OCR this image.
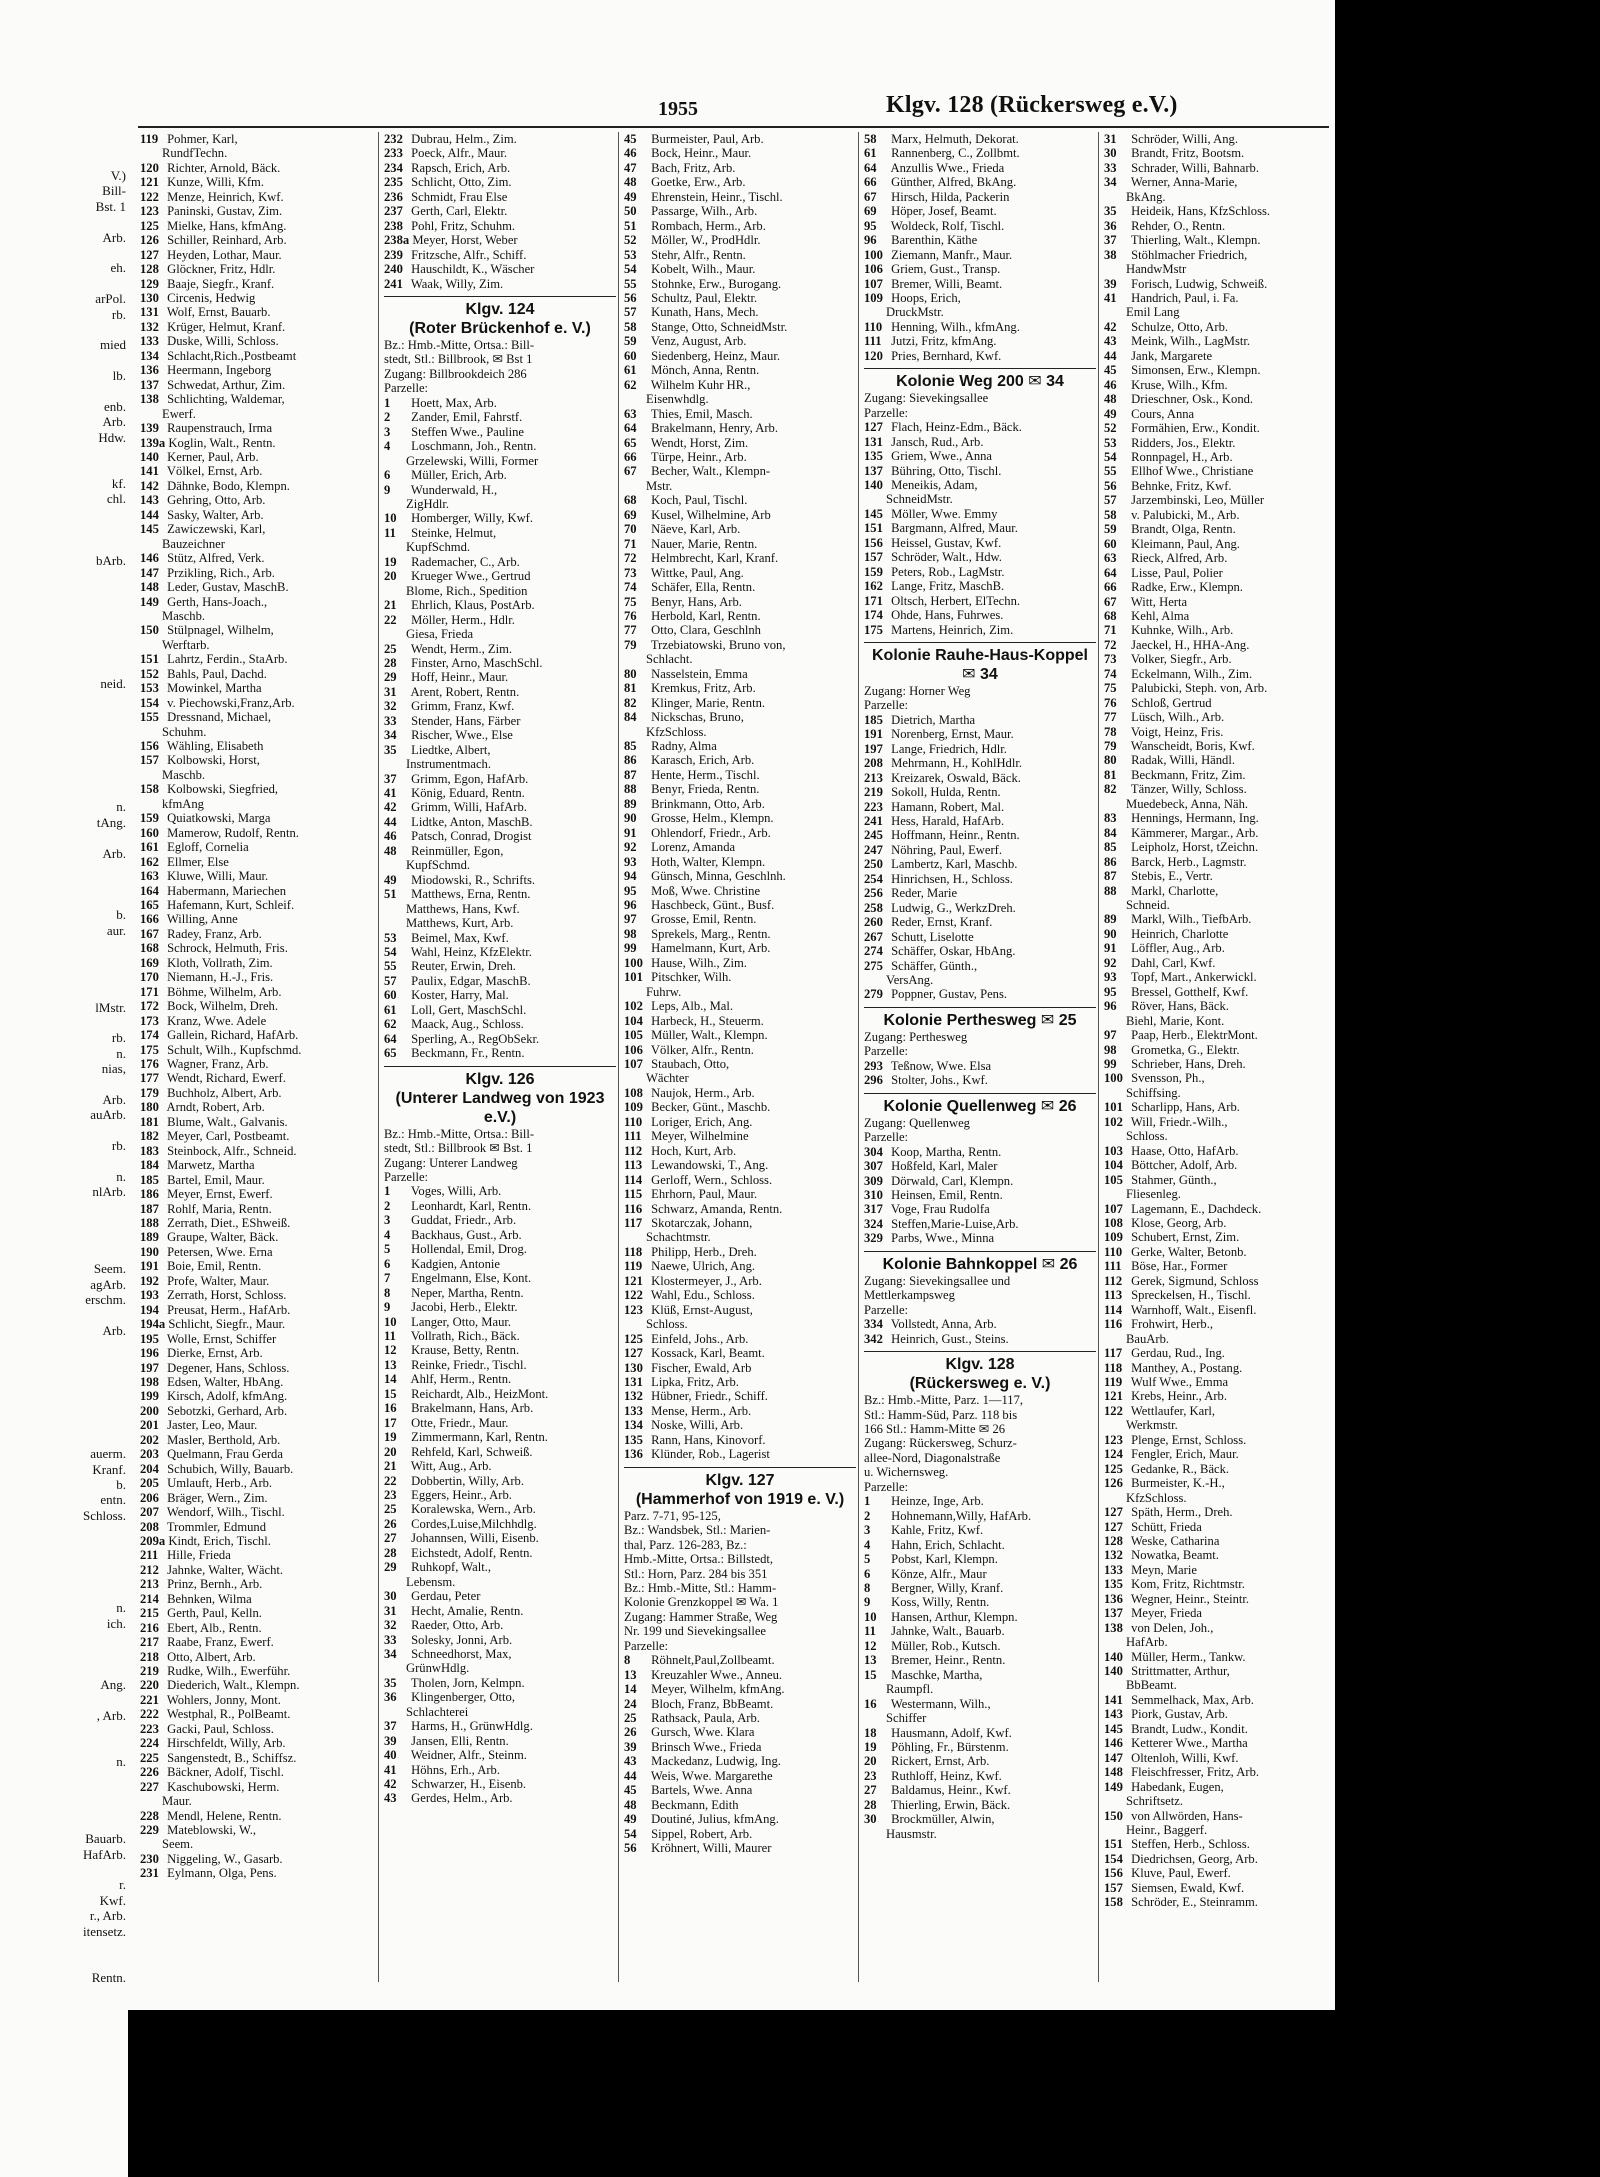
V.)
Bill-
Bst. 1
Arb.
eh.
arPol.
rb.
mied
lb.
enb.
Arb.
Hdw.
kf.
chl.
bArb.
neid.
n.
tAng.
Arb.
b.
aur.
lMstr.
rb.
n.
nias,
Arb.
auArb.
rb.
n.
nlArb.
Seem.
agArb.
erschm.
Arb.
auerm.
Kranf.
b.
entn.
Schloss.
n.
ich.
Ang.
, Arb.
n.
Bauarb.
HafArb.
r.
Kwf.
r., Arb.
itensetz.
Rentn.
1955	Klgv. 128 (Rückersweg e.V.)
119 Pohmer, Karl,
RundfTechn.
120 Richter, Arnold, Bäck.
121 Kunze, Willi, Kfm.
122 Menze, Heinrich, Kwf.
123 Paninski, Gustav, Zim.
125 Mielke, Hans, kfmAng.
126 Schiller, Reinhard, Arb.
127 Heyden, Lothar, Maur.
128 Glöckner, Fritz, Hdlr.
129 Baaje, Siegfr., Kranf.
130 Circenis, Hedwig
131 Wolf, Ernst, Bauarb.
132 Krüger, Helmut, Kranf.
133 Duske, Willi, Schloss.
134 Schlacht,Rich.,Postbeamt
136 Heermann, Ingeborg
137 Schwedat, Arthur, Zim.
138 Schlichting, Waldemar,
Ewerf.
139 Raupenstrauch, Irma
139a Koglin, Walt., Rentn.
140 Kerner, Paul, Arb.
141 Völkel, Ernst, Arb.
142 Dähnke, Bodo, Klempn.
143 Gehring, Otto, Arb.
144 Sasky, Walter, Arb.
145 Zawiczewski, Karl,
Bauzeichner
146 Stütz, Alfred, Verk.
147 Przikling, Rich., Arb.
148 Leder, Gustav, MaschB.
149 Gerth, Hans-Joach.,
Maschb.
150 Stülpnagel, Wilhelm,
Werftarb.
151 Lahrtz, Ferdin., StaArb.
152 Bahls, Paul, Dachd.
153 Mowinkel, Martha
154 v. Piechowski,Franz,Arb.
155 Dressnand, Michael,
Schuhm.
156 Wähling, Elisabeth
157 Kolbowski, Horst,
Maschb.
158 Kolbowski, Siegfried,
kfmAng
159 Quiatkowski, Marga
160 Mamerow, Rudolf, Rentn.
161 Egloff, Cornelia
162 Ellmer, Else
163 Kluwe, Willi, Maur.
164 Habermann, Mariechen
165 Hafemann, Kurt, Schleif.
166 Willing, Anne
167 Radey, Franz, Arb.
168 Schrock, Helmuth, Fris.
169 Kloth, Vollrath, Zim.
170 Niemann, H.-J., Fris.
171 Böhme, Wilhelm, Arb.
172 Bock, Wilhelm, Dreh.
173 Kranz, Wwe. Adele
174 Gallein, Richard, HafArb.
175 Schult, Wilh., Kupfschmd.
176 Wagner, Franz, Arb.
177 Wendt, Richard, Ewerf.
179 Buchholz, Albert, Arb.
180 Arndt, Robert, Arb.
181 Blume, Walt., Galvanis.
182 Meyer, Carl, Postbeamt.
183 Steinbock, Alfr., Schneid.
184 Marwetz, Martha
185 Bartel, Emil, Maur.
186 Meyer, Ernst, Ewerf.
187 Rohlf, Maria, Rentn.
188 Zerrath, Diet., EShweiß.
189 Graupe, Walter, Bäck.
190 Petersen, Wwe. Erna
191 Boie, Emil, Rentn.
192 Profe, Walter, Maur.
193 Zerrath, Horst, Schloss.
194 Preusat, Herm., HafArb.
194a Schlicht, Siegfr., Maur.
195 Wolle, Ernst, Schiffer
196 Dierke, Ernst, Arb.
197 Degener, Hans, Schloss.
198 Edsen, Walter, HbAng.
199 Kirsch, Adolf, kfmAng.
200 Sebotzki, Gerhard, Arb.
201 Jaster, Leo, Maur.
202 Masler, Berthold, Arb.
203 Quelmann, Frau Gerda
204 Schubich, Willy, Bauarb.
205 Umlauft, Herb., Arb.
206 Bräger, Wern., Zim.
207 Wendorf, Wilh., Tischl.
208 Trommler, Edmund
209a Kindt, Erich, Tischl.
211 Hille, Frieda
212 Jahnke, Walter, Wächt.
213 Prinz, Bernh., Arb.
214 Behnken, Wilma
215 Gerth, Paul, Kelln.
216 Ebert, Alb., Rentn.
217 Raabe, Franz, Ewerf.
218 Otto, Albert, Arb.
219 Rudke, Wilh., Ewerführ.
220 Diederich, Walt., Klempn.
221 Wohlers, Jonny, Mont.
222 Westphal, R., PolBeamt.
223 Gacki, Paul, Schloss.
224 Hirschfeldt, Willy, Arb.
225 Sangenstedt, B., Schiffsz.
226 Bäckner, Adolf, Tischl.
227 Kaschubowski, Herm.
Maur.
228 Mendl, Helene, Rentn.
229 Mateblowski, W.,
Seem.
230 Niggeling, W., Gasarb.
231 Eylmann, Olga, Pens.
232 Dubrau, Helm., Zim.
233 Poeck, Alfr., Maur.
234 Rapsch, Erich, Arb.
235 Schlicht, Otto, Zim.
236 Schmidt, Frau Else
237 Gerth, Carl, Elektr.
238 Pohl, Fritz, Schuhm.
238a Meyer, Horst, Weber
239 Fritzsche, Alfr., Schiff.
240 Hauschildt, K., Wäscher
241 Waak, Willy, Zim.
Klgv. 124
(Roter Brückenhof e. V.)
Bz.: Hmb.-Mitte, Ortsa.: Bill-
stedt, Stl.: Billbrook, ✉ Bst 1
Zugang: Billbrookdeich 286
Parzelle:
1 Hoett, Max, Arb.
2 Zander, Emil, Fahrstf.
3 Steffen Wwe., Pauline
4 Loschmann, Joh., Rentn.
Grzelewski, Willi, Former
6 Müller, Erich, Arb.
9 Wunderwald, H.,
ZigHdlr.
10 Homberger, Willy, Kwf.
11 Steinke, Helmut,
KupfSchmd.
19 Rademacher, C., Arb.
20 Krueger Wwe., Gertrud
Blome, Rich., Spedition
21 Ehrlich, Klaus, PostArb.
22 Möller, Herm., Hdlr.
Giesa, Frieda
25 Wendt, Herm., Zim.
28 Finster, Arno, MaschSchl.
29 Hoff, Heinr., Maur.
31 Arent, Robert, Rentn.
32 Grimm, Franz, Kwf.
33 Stender, Hans, Färber
34 Rischer, Wwe., Else
35 Liedtke, Albert,
Instrumentmach.
37 Grimm, Egon, HafArb.
41 König, Eduard, Rentn.
42 Grimm, Willi, HafArb.
44 Lidtke, Anton, MaschB.
46 Patsch, Conrad, Drogist
48 Reinmüller, Egon,
KupfSchmd.
49 Miodowski, R., Schrifts.
51 Matthews, Erna, Rentn.
Matthews, Hans, Kwf.
Matthews, Kurt, Arb.
53 Beimel, Max, Kwf.
54 Wahl, Heinz, KfzElektr.
55 Reuter, Erwin, Dreh.
57 Paulix, Edgar, MaschB.
60 Koster, Harry, Mal.
61 Loll, Gert, MaschSchl.
62 Maack, Aug., Schloss.
64 Sperling, A., RegObSekr.
65 Beckmann, Fr., Rentn.
Klgv. 126
(Unterer Landweg von 1923 e.V.)
Bz.: Hmb.-Mitte, Ortsa.: Bill-
stedt, Stl.: Billbrook ✉ Bst. 1
Zugang: Unterer Landweg
Parzelle:
1 Voges, Willi, Arb.
2 Leonhardt, Karl, Rentn.
3 Guddat, Friedr., Arb.
4 Backhaus, Gust., Arb.
5 Hollendal, Emil, Drog.
6 Kadgien, Antonie
7 Engelmann, Else, Kont.
8 Neper, Martha, Rentn.
9 Jacobi, Herb., Elektr.
10 Langer, Otto, Maur.
11 Vollrath, Rich., Bäck.
12 Krause, Betty, Rentn.
13 Reinke, Friedr., Tischl.
14 Ahlf, Herm., Rentn.
15 Reichardt, Alb., HeizMont.
16 Brakelmann, Hans, Arb.
17 Otte, Friedr., Maur.
19 Zimmermann, Karl, Rentn.
20 Rehfeld, Karl, Schweiß.
21 Witt, Aug., Arb.
22 Dobbertin, Willy, Arb.
23 Eggers, Heinr., Arb.
25 Koralewska, Wern., Arb.
26 Cordes,Luise,Milchhdlg.
27 Johannsen, Willi, Eisenb.
28 Eichstedt, Adolf, Rentn.
29 Ruhkopf, Walt.,
Lebensm.
30 Gerdau, Peter
31 Hecht, Amalie, Rentn.
32 Raeder, Otto, Arb.
33 Solesky, Jonni, Arb.
34 Schneedhorst, Max,
GrünwHdlg.
35 Tholen, Jorn, Kelmpn.
36 Klingenberger, Otto,
Schlachterei
37 Harms, H., GrünwHdlg.
39 Jansen, Elli, Rentn.
40 Weidner, Alfr., Steinm.
41 Höhns, Erh., Arb.
42 Schwarzer, H., Eisenb.
43 Gerdes, Helm., Arb.
45 Burmeister, Paul, Arb.
46 Bock, Heinr., Maur.
47 Bach, Fritz, Arb.
48 Goetke, Erw., Arb.
49 Ehrenstein, Heinr., Tischl.
50 Passarge, Wilh., Arb.
51 Rombach, Herm., Arb.
52 Möller, W., ProdHdlr.
53 Stehr, Alfr., Rentn.
54 Kobelt, Wilh., Maur.
55 Stohnke, Erw., Burogang.
56 Schultz, Paul, Elektr.
57 Kunath, Hans, Mech.
58 Stange, Otto, SchneidMstr.
59 Venz, August, Arb.
60 Siedenberg, Heinz, Maur.
61 Mönch, Anna, Rentn.
62 Wilhelm Kuhr HR.,
Eisenwhdlg.
63 Thies, Emil, Masch.
64 Brakelmann, Henry, Arb.
65 Wendt, Horst, Zim.
66 Türpe, Heinr., Arb.
67 Becher, Walt., Klempn-
Mstr.
68 Koch, Paul, Tischl.
69 Kusel, Wilhelmine, Arb
70 Näeve, Karl, Arb.
71 Nauer, Marie, Rentn.
72 Helmbrecht, Karl, Kranf.
73 Wittke, Paul, Ang.
74 Schäfer, Ella, Rentn.
75 Benyr, Hans, Arb.
76 Herbold, Karl, Rentn.
77 Otto, Clara, Geschlnh
79 Trzebiatowski, Bruno von,
Schlacht.
80 Nasselstein, Emma
81 Kremkus, Fritz, Arb.
82 Klinger, Marie, Rentn.
84 Nickschas, Bruno,
KfzSchloss.
85 Radny, Alma
86 Karasch, Erich, Arb.
87 Hente, Herm., Tischl.
88 Benyr, Frieda, Rentn.
89 Brinkmann, Otto, Arb.
90 Grosse, Helm., Klempn.
91 Ohlendorf, Friedr., Arb.
92 Lorenz, Amanda
93 Hoth, Walter, Klempn.
94 Günsch, Minna, Geschlnh.
95 Moß, Wwe. Christine
96 Haschbeck, Günt., Busf.
97 Grosse, Emil, Rentn.
98 Sprekels, Marg., Rentn.
99 Hamelmann, Kurt, Arb.
100 Hause, Wilh., Zim.
101 Pitschker, Wilh.
Fuhrw.
102 Leps, Alb., Mal.
104 Harbeck, H., Steuerm.
105 Müller, Walt., Klempn.
106 Völker, Alfr., Rentn.
107 Staubach, Otto,
Wächter
108 Naujok, Herm., Arb.
109 Becker, Günt., Maschb.
110 Loriger, Erich, Ang.
111 Meyer, Wilhelmine
112 Hoch, Kurt, Arb.
113 Lewandowski, T., Ang.
114 Gerloff, Wern., Schloss.
115 Ehrhorn, Paul, Maur.
116 Schwarz, Amanda, Rentn.
117 Skotarczak, Johann,
Schachtmstr.
118 Philipp, Herb., Dreh.
119 Naewe, Ulrich, Ang.
121 Klostermeyer, J., Arb.
122 Wahl, Edu., Schloss.
123 Klüß, Ernst-August,
Schloss.
125 Einfeld, Johs., Arb.
127 Kossack, Karl, Beamt.
130 Fischer, Ewald, Arb
131 Lipka, Fritz, Arb.
132 Hübner, Friedr., Schiff.
133 Mense, Herm., Arb.
134 Noske, Willi, Arb.
135 Rann, Hans, Kinovorf.
136 Klünder, Rob., Lagerist
Klgv. 127
(Hammerhof von 1919 e. V.)
Parz. 7-71, 95-125,
Bz.: Wandsbek, Stl.: Marien-
thal, Parz. 126-283, Bz.:
Hmb.-Mitte, Ortsa.: Billstedt,
Stl.: Horn, Parz. 284 bis 351
Bz.: Hmb.-Mitte, Stl.: Hamm-
Kolonie Grenzkoppel ✉ Wa. 1
Zugang: Hammer Straße, Weg
Nr. 199 und Sievekingsallee
Parzelle:
8 Röhnelt,Paul,Zollbeamt.
13 Kreuzahler Wwe., Anneu.
14 Meyer, Wilhelm, kfmAng.
24 Bloch, Franz, BbBeamt.
25 Rathsack, Paula, Arb.
26 Gursch, Wwe. Klara
39 Brinsch Wwe., Frieda
43 Mackedanz, Ludwig, Ing.
44 Weis, Wwe. Margarethe
45 Bartels, Wwe. Anna
48 Beckmann, Edith
49 Doutiné, Julius, kfmAng.
54 Sippel, Robert, Arb.
56 Kröhnert, Willi, Maurer
58 Marx, Helmuth, Dekorat.
61 Rannenberg, C., Zollbmt.
64 Anzullis Wwe., Frieda
66 Günther, Alfred, BkAng.
67 Hirsch, Hilda, Packerin
69 Höper, Josef, Beamt.
95 Woldeck, Rolf, Tischl.
96 Barenthin, Käthe
100 Ziemann, Manfr., Maur.
106 Griem, Gust., Transp.
107 Bremer, Willi, Beamt.
109 Hoops, Erich,
DruckMstr.
110 Henning, Wilh., kfmAng.
111 Jutzi, Fritz, kfmAng.
120 Pries, Bernhard, Kwf.
Kolonie Weg 200 ✉ 34
Zugang: Sievekingsallee
Parzelle:
127 Flach, Heinz-Edm., Bäck.
131 Jansch, Rud., Arb.
135 Griem, Wwe., Anna
137 Bühring, Otto, Tischl.
140 Meneikis, Adam,
SchneidMstr.
145 Möller, Wwe. Emmy
151 Bargmann, Alfred, Maur.
156 Heissel, Gustav, Kwf.
157 Schröder, Walt., Hdw.
159 Peters, Rob., LagMstr.
162 Lange, Fritz, MaschB.
171 Oltsch, Herbert, ElTechn.
174 Ohde, Hans, Fuhrwes.
175 Martens, Heinrich, Zim.
Kolonie Rauhe-Haus-Koppel ✉ 34
Zugang: Horner Weg
Parzelle:
185 Dietrich, Martha
191 Norenberg, Ernst, Maur.
197 Lange, Friedrich, Hdlr.
208 Mehrmann, H., KohlHdlr.
213 Kreizarek, Oswald, Bäck.
219 Sokoll, Hulda, Rentn.
223 Hamann, Robert, Mal.
241 Hess, Harald, HafArb.
245 Hoffmann, Heinr., Rentn.
247 Nöhring, Paul, Ewerf.
250 Lambertz, Karl, Maschb.
254 Hinrichsen, H., Schloss.
256 Reder, Marie
258 Ludwig, G., WerkzDreh.
260 Reder, Ernst, Kranf.
267 Schutt, Liselotte
274 Schäffer, Oskar, HbAng.
275 Schäffer, Günth.,
VersAng.
279 Poppner, Gustav, Pens.
Kolonie Perthesweg ✉ 25
Zugang: Perthesweg
Parzelle:
293 Teßnow, Wwe. Elsa
296 Stolter, Johs., Kwf.
Kolonie Quellenweg ✉ 26
Zugang: Quellenweg
Parzelle:
304 Koop, Martha, Rentn.
307 Hoßfeld, Karl, Maler
309 Dörwald, Carl, Klempn.
310 Heinsen, Emil, Rentn.
317 Voge, Frau Rudolfa
324 Steffen,Marie-Luise,Arb.
329 Parbs, Wwe., Minna
Kolonie Bahnkoppel ✉ 26
Zugang: Sievekingsallee und
Mettlerkampsweg
Parzelle:
334 Vollstedt, Anna, Arb.
342 Heinrich, Gust., Steins.
Klgv. 128
(Rückersweg e. V.)
Bz.: Hmb.-Mitte, Parz. 1—117,
Stl.: Hamm-Süd, Parz. 118 bis
166 Stl.: Hamm-Mitte ✉ 26
Zugang: Rückersweg, Schurz-
allee-Nord, Diagonalstraße
u. Wichernsweg.
Parzelle:
1 Heinze, Inge, Arb.
2 Hohnemann,Willy, HafArb.
3 Kahle, Fritz, Kwf.
4 Hahn, Erich, Schlacht.
5 Pobst, Karl, Klempn.
6 Könze, Alfr., Maur
8 Bergner, Willy, Kranf.
9 Koss, Willy, Rentn.
10 Hansen, Arthur, Klempn.
11 Jahnke, Walt., Bauarb.
12 Müller, Rob., Kutsch.
13 Bremer, Heinr., Rentn.
15 Maschke, Martha,
Raumpfl.
16 Westermann, Wilh.,
Schiffer
18 Hausmann, Adolf, Kwf.
19 Pöhling, Fr., Bürstenm.
20 Rickert, Ernst, Arb.
23 Ruthloff, Heinz, Kwf.
27 Baldamus, Heinr., Kwf.
28 Thierling, Erwin, Bäck.
30 Brockmüller, Alwin,
Hausmstr.
31 Schröder, Willi, Ang.
30 Brandt, Fritz, Bootsm.
33 Schrader, Willi, Bahnarb.
34 Werner, Anna-Marie,
BkAng.
35 Heideik, Hans, KfzSchloss.
36 Rehder, O., Rentn.
37 Thierling, Walt., Klempn.
38 Stöhlmacher Friedrich,
HandwMstr
39 Forisch, Ludwig, Schweiß.
41 Handrich, Paul, i. Fa.
Emil Lang
42 Schulze, Otto, Arb.
43 Meink, Wilh., LagMstr.
44 Jank, Margarete
45 Simonsen, Erw., Klempn.
46 Kruse, Wilh., Kfm.
48 Drieschner, Osk., Kond.
49 Cours, Anna
52 Formähien, Erw., Kondit.
53 Ridders, Jos., Elektr.
54 Ronnpagel, H., Arb.
55 Ellhof Wwe., Christiane
56 Behnke, Fritz, Kwf.
57 Jarzembinski, Leo, Müller
58 v. Palubicki, M., Arb.
59 Brandt, Olga, Rentn.
60 Kleimann, Paul, Ang.
63 Rieck, Alfred, Arb.
64 Lisse, Paul, Polier
66 Radke, Erw., Klempn.
67 Witt, Herta
68 Kehl, Alma
71 Kuhnke, Wilh., Arb.
72 Jaeckel, H., HHA-Ang.
73 Volker, Siegfr., Arb.
74 Eckelmann, Wilh., Zim.
75 Palubicki, Steph. von, Arb.
76 Schloß, Gertrud
77 Lüsch, Wilh., Arb.
78 Voigt, Heinz, Fris.
79 Wanscheidt, Boris, Kwf.
80 Radak, Willi, Händl.
81 Beckmann, Fritz, Zim.
82 Tänzer, Willy, Schloss.
Muedebeck, Anna, Näh.
83 Hennings, Hermann, Ing.
84 Kämmerer, Margar., Arb.
85 Leipholz, Horst, tZeichn.
86 Barck, Herb., Lagmstr.
87 Stebis, E., Vertr.
88 Markl, Charlotte,
Schneid.
89 Markl, Wilh., TiefbArb.
90 Heinrich, Charlotte
91 Löffler, Aug., Arb.
92 Dahl, Carl, Kwf.
93 Topf, Mart., Ankerwickl.
95 Bressel, Gotthelf, Kwf.
96 Röver, Hans, Bäck.
Biehl, Marie, Kont.
97 Paap, Herb., ElektrMont.
98 Grometka, G., Elektr.
99 Schrieber, Hans, Dreh.
100 Svensson, Ph.,
Schiffsing.
101 Scharlipp, Hans, Arb.
102 Will, Friedr.-Wilh.,
Schloss.
103 Haase, Otto, HafArb.
104 Böttcher, Adolf, Arb.
105 Stahmer, Günth.,
Fliesenleg.
107 Lagemann, E., Dachdeck.
108 Klose, Georg, Arb.
109 Schubert, Ernst, Zim.
110 Gerke, Walter, Betonb.
111 Böse, Har., Former
112 Gerek, Sigmund, Schloss
113 Spreckelsen, H., Tischl.
114 Warnhoff, Walt., Eisenfl.
116 Frohwirt, Herb.,
BauArb.
117 Gerdau, Rud., Ing.
118 Manthey, A., Postang.
119 Wulf Wwe., Emma
121 Krebs, Heinr., Arb.
122 Wettlaufer, Karl,
Werkmstr.
123 Plenge, Ernst, Schloss.
124 Fengler, Erich, Maur.
125 Gedanke, R., Bäck.
126 Burmeister, K.-H.,
KfzSchloss.
127 Späth, Herm., Dreh.
127 Schütt, Frieda
128 Weske, Catharina
132 Nowatka, Beamt.
133 Meyn, Marie
135 Kom, Fritz, Richtmstr.
136 Wegner, Heinr., Steintr.
137 Meyer, Frieda
138 von Delen, Joh.,
HafArb.
140 Müller, Herm., Tankw.
140 Strittmatter, Arthur,
BbBeamt.
141 Semmelhack, Max, Arb.
143 Piork, Gustav, Arb.
145 Brandt, Ludw., Kondit.
146 Ketterer Wwe., Martha
147 Oltenloh, Willi, Kwf.
148 Fleischfresser, Fritz, Arb.
149 Habedank, Eugen,
Schriftsetz.
150 von Allwörden, Hans-
Heinr., Baggerf.
151 Steffen, Herb., Schloss.
154 Diedrichsen, Georg, Arb.
156 Kluve, Paul, Ewerf.
157 Siemsen, Ewald, Kwf.
158 Schröder, E., Steinramm.
